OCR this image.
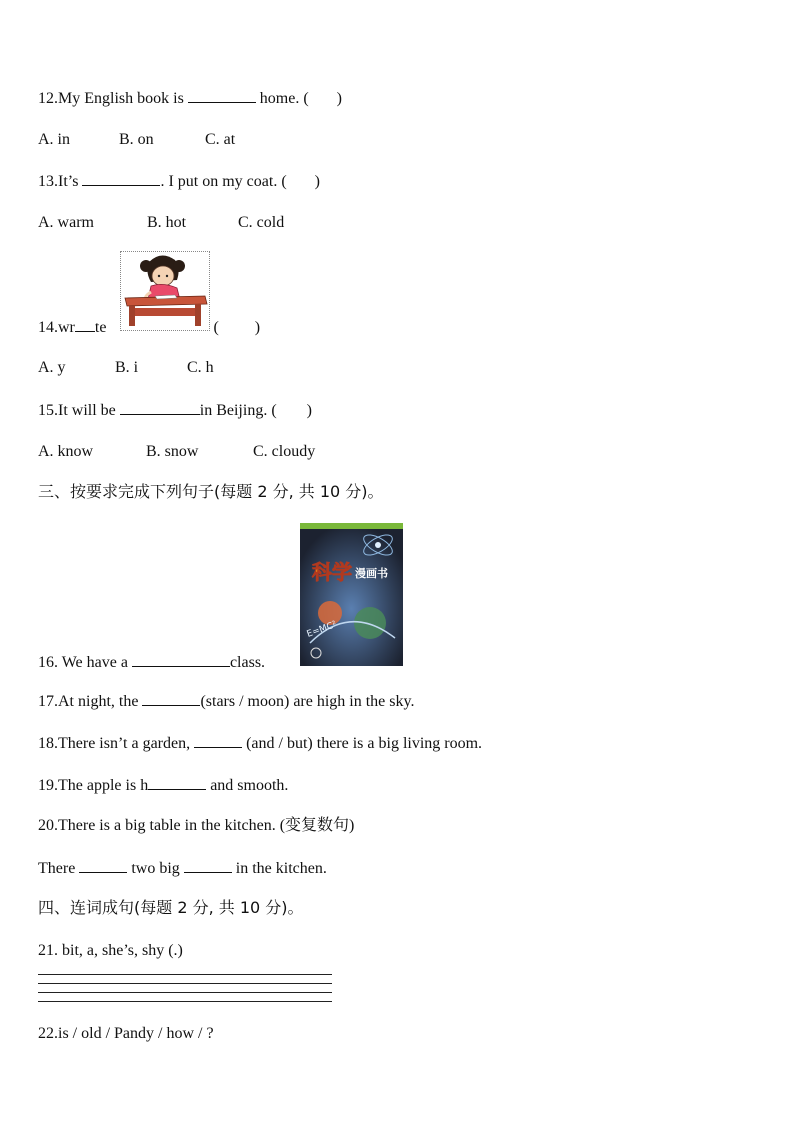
12.My English book is	home. ( )
A. in	B. on	C. at
13.It’s	. I put on my coat. ( )
A. warm	B. hot	C. cold
14.wr te	( )
A. y	B. i	C. h
15.It will be	in Beijing. ( )
A. know	B. snow	C. cloudy
三、按要求完成下列句子(每题 2 分, 共 10 分)。
科学 漫画书
E=MC²
16. We have a	class.
17.At night, the	(stars / moon) are high in the sky.
18.There isn’t a garden,	(and / but) there is a big living room.
19.The apple is h	and smooth.
20.There is a big table in the kitchen. (变复数句)
There	two big	in the kitchen.
四、连词成句(每题 2 分, 共 10 分)。
21. bit, a, she’s, shy (.)
22.is / old / Pandy / how / ?
